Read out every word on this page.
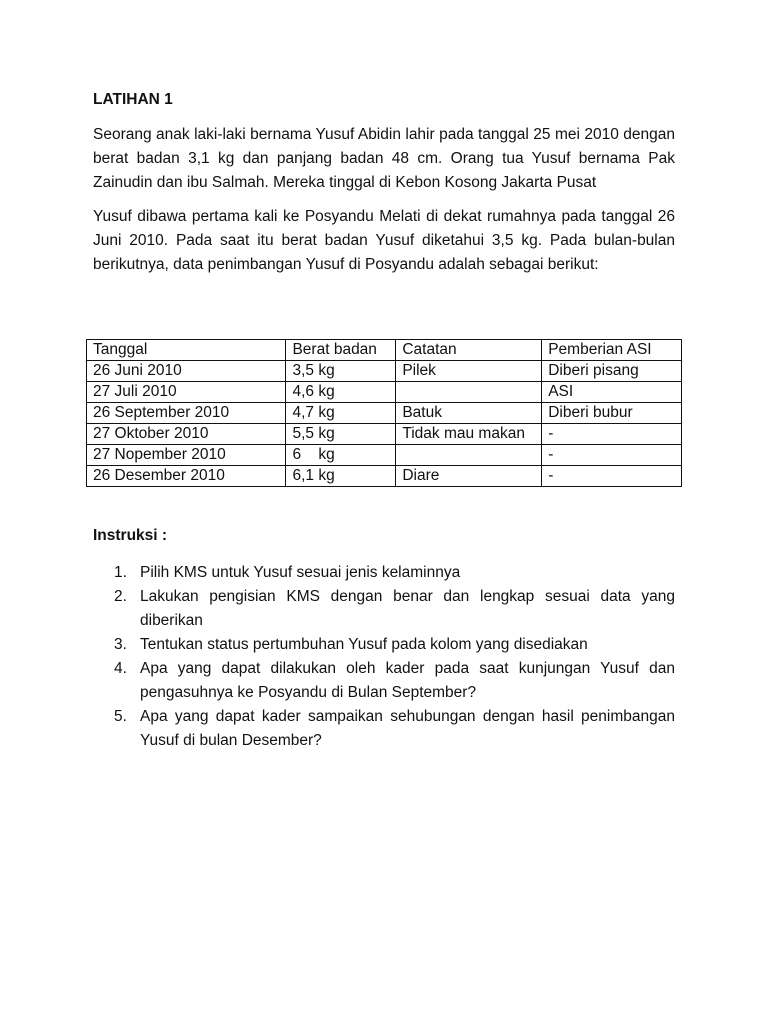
LATIHAN 1

Seorang anak laki-laki bernama Yusuf Abidin lahir pada tanggal 25 mei 2010 dengan berat badan 3,1 kg dan panjang badan 48 cm. Orang tua Yusuf bernama Pak Zainudin dan ibu Salmah. Mereka tinggal di Kebon Kosong Jakarta Pusat

Yusuf dibawa pertama kali ke Posyandu Melati di dekat rumahnya pada tanggal 26 Juni 2010. Pada saat itu berat badan Yusuf diketahui 3,5 kg. Pada bulan-bulan berikutnya, data penimbangan Yusuf di Posyandu adalah sebagai berikut:

Tanggal	Berat badan	Catatan	Pemberian ASI
26 Juni 2010	3,5 kg	Pilek	Diberi pisang
27 Juli 2010	4,6 kg		ASI
26 September 2010	4,7 kg	Batuk	Diberi bubur
27 Oktober 2010	5,5 kg	Tidak mau makan	-
27 Nopember 2010	6    kg		-
26 Desember 2010	6,1 kg	Diare	-
Instruksi :
1. Pilih KMS untuk Yusuf sesuai jenis kelaminnya
2. Lakukan pengisian KMS dengan benar dan lengkap sesuai data yang diberikan
3. Tentukan status pertumbuhan Yusuf pada kolom yang disediakan
4. Apa yang dapat dilakukan oleh kader pada saat kunjungan Yusuf dan pengasuhnya ke Posyandu di Bulan September?
5. Apa yang dapat kader sampaikan sehubungan dengan hasil penimbangan Yusuf di bulan Desember?
